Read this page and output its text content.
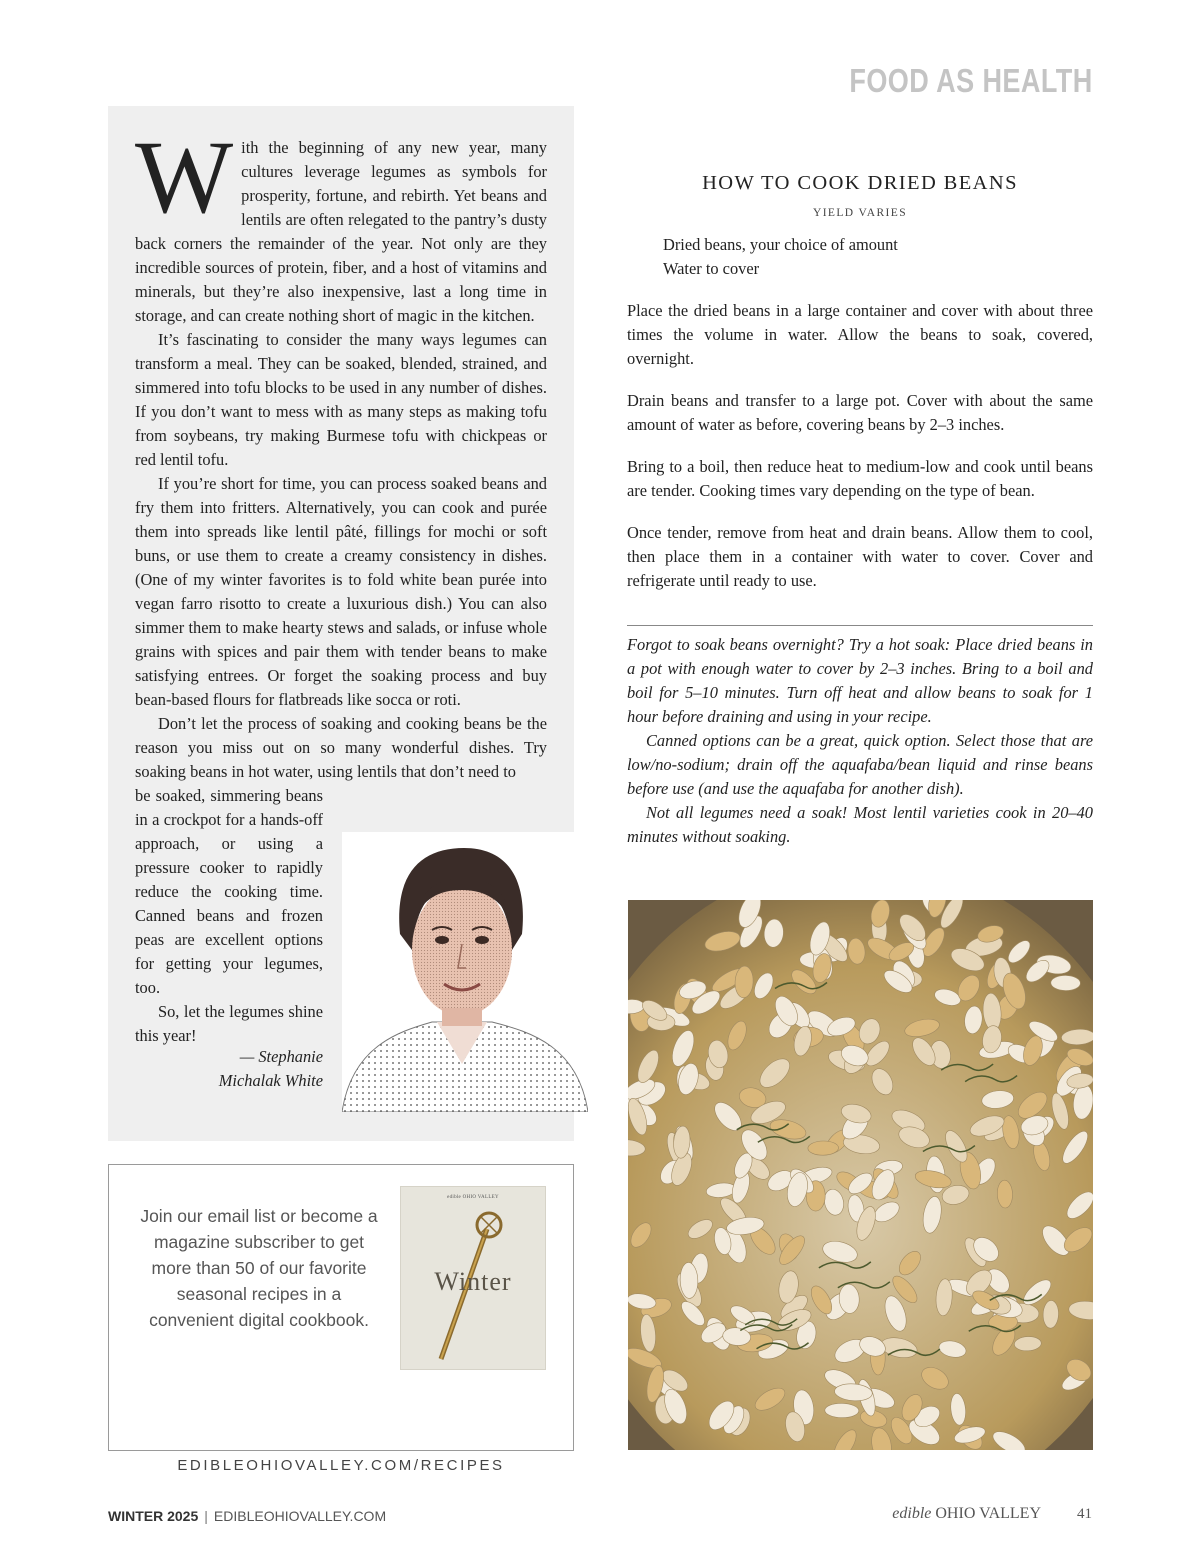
FOOD AS HEALTH

With the beginning of any new year, many cultures leverage legumes as symbols for prosperity, fortune, and rebirth. Yet beans and lentils are often relegated to the pantry’s dusty back corners the remainder of the year. Not only are they incredible sources of protein, fiber, and a host of vitamins and minerals, but they’re also inexpensive, last a long time in storage, and can create nothing short of magic in the kitchen.

It’s fascinating to consider the many ways legumes can transform a meal. They can be soaked, blended, strained, and simmered into tofu blocks to be used in any number of dishes. If you don’t want to mess with as many steps as making tofu from soybeans, try making Burmese tofu with chickpeas or red lentil tofu.

If you’re short for time, you can process soaked beans and fry them into fritters. Alternatively, you can cook and purée them into spreads like lentil pâté, fillings for mochi or soft buns, or use them to create a creamy consistency in dishes. (One of my winter favorites is to fold white bean purée into vegan farro risotto to create a luxurious dish.) You can also simmer them to make hearty stews and salads, or infuse whole grains with spices and pair them with tender beans to make satisfying entrees. Or forget the soaking process and buy bean-based flours for flatbreads like socca or roti.

Don’t let the process of soaking and cooking beans be the reason you miss out on so many wonderful dishes. Try soaking beans in hot water, using lentils that don’t need to
be soaked, simmering beans in a crockpot for a hands-off approach, or using a pressure cooker to rapidly reduce the cooking time. Canned beans and frozen peas are excellent options for getting your legumes, too.

So, let the legumes shine this year!

— Stephanie
Michalak White
Join our email list or become a magazine subscriber to get more than 50 of our favorite seasonal recipes in a convenient digital cookbook.
edible OHIO VALLEY
Winter
EDIBLEOHIOVALLEY.COM/RECIPES
HOW TO COOK DRIED BEANS
YIELD VARIES
Dried beans, your choice of amount
Water to cover

Place the dried beans in a large container and cover with about three times the volume in water. Allow the beans to soak, covered, overnight.

Drain beans and transfer to a large pot. Cover with about the same amount of water as before, covering beans by 2–3 inches.

Bring to a boil, then reduce heat to medium-low and cook until beans are tender. Cooking times vary depending on the type of bean.

Once tender, remove from heat and drain beans. Allow them to cool, then place them in a container with water to cover. Cover and refrigerate until ready to use.

Forgot to soak beans overnight? Try a hot soak: Place dried beans in a pot with enough water to cover by 2–3 inches. Bring to a boil and boil for 5–10 minutes. Turn off heat and allow beans to soak for 1 hour before draining and using in your recipe.

Canned options can be a great, quick option. Select those that are low/no-sodium; drain off the aquafaba/bean liquid and rinse beans before use (and use the aquafaba for another dish).

Not all legumes need a soak! Most lentil varieties cook in 20–40 minutes without soaking.

WINTER 2025 | EDIBLEOHIOVALLEY.COM	edible OHIO VALLEY 41
